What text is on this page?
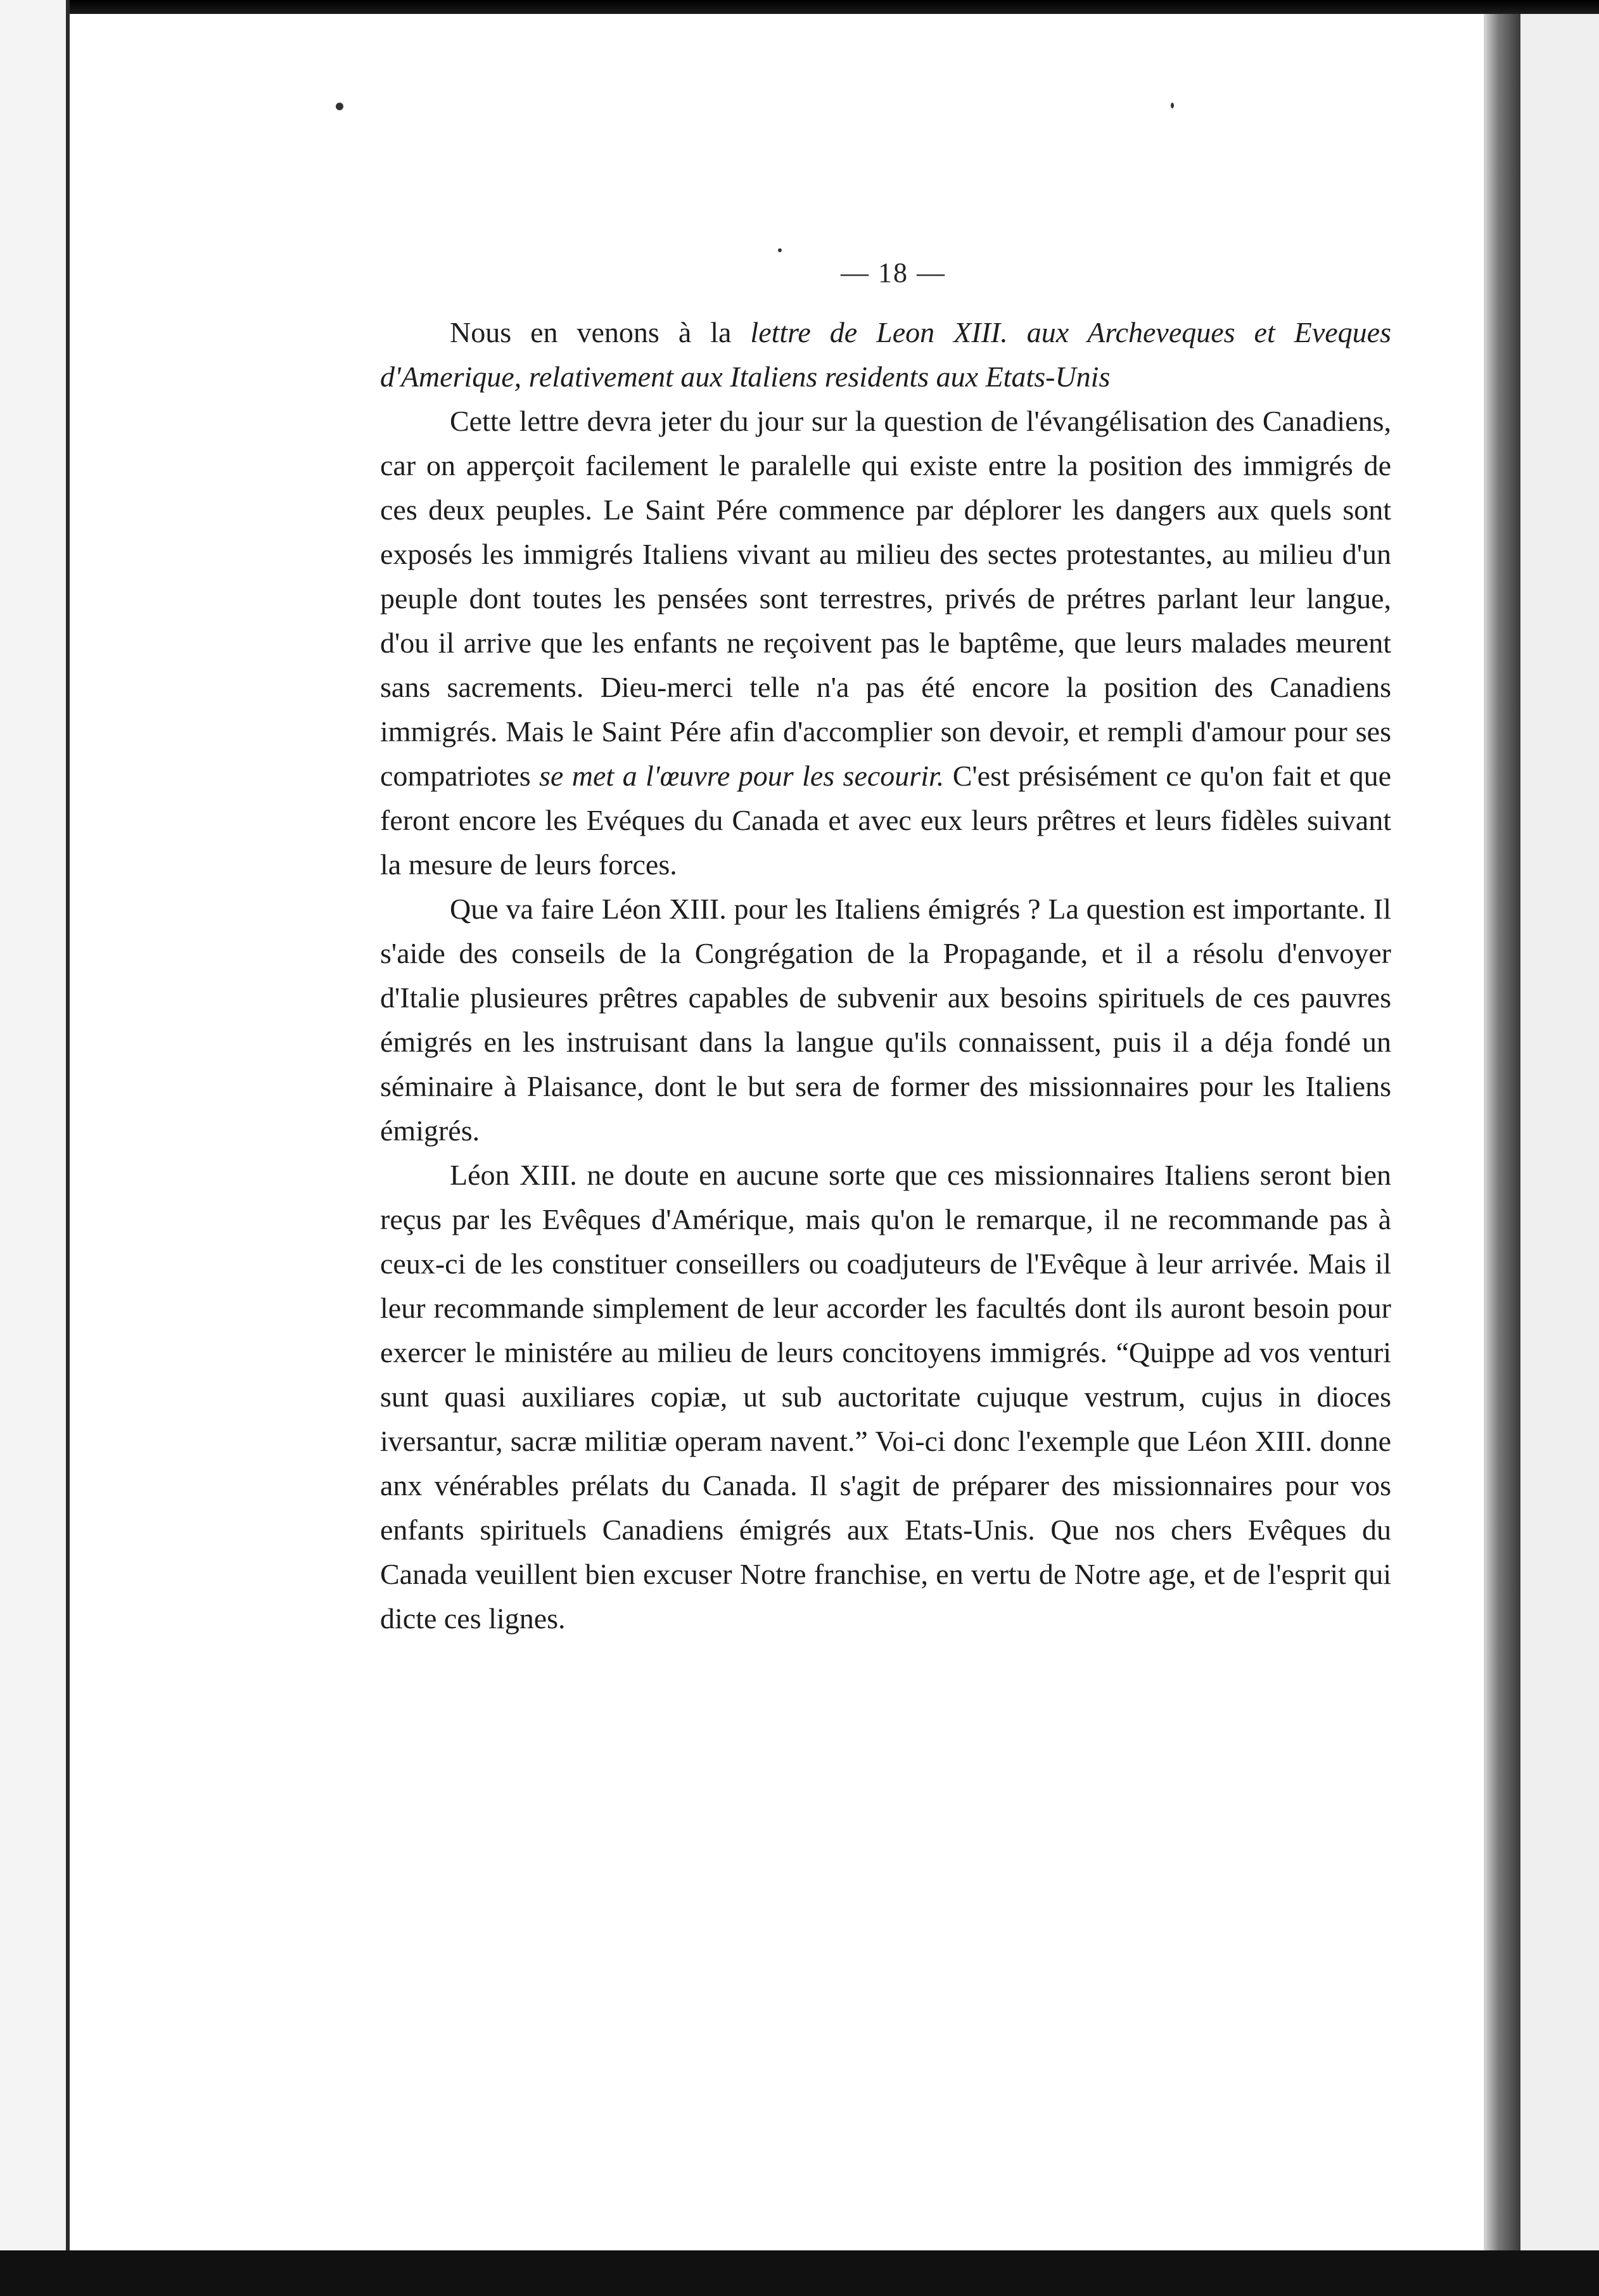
— 18 —

Nous en venons à la lettre de Leon XIII. aux Archeveques et Eveques d'Amerique, relativement aux Italiens residents aux Etats-Unis

Cette lettre devra jeter du jour sur la question de l'évangélisation des Canadiens, car on apperçoit facilement le paralelle qui existe entre la position des immigrés de ces deux peuples. Le Saint Pére commence par déplorer les dangers aux quels sont exposés les immigrés Italiens vivant au milieu des sectes protestantes, au milieu d'un peuple dont toutes les pensées sont terrestres, privés de prétres parlant leur langue, d'ou il arrive que les enfants ne reçoivent pas le baptême, que leurs malades meurent sans sacrements. Dieu-merci telle n'a pas été encore la position des Canadiens immigrés. Mais le Saint Pére afin d'accomplier son devoir, et rempli d'amour pour ses compatriotes se met a l'œuvre pour les secourir. C'est présisément ce qu'on fait et que feront encore les Evéques du Canada et avec eux leurs prêtres et leurs fidèles suivant la mesure de leurs forces.

Que va faire Léon XIII. pour les Italiens émigrés ? La question est importante. Il s'aide des conseils de la Congrégation de la Propagande, et il a résolu d'envoyer d'Italie plusieures prêtres capables de subvenir aux besoins spirituels de ces pauvres émigrés en les instruisant dans la langue qu'ils connaissent, puis il a déja fondé un séminaire à Plaisance, dont le but sera de former des missionnaires pour les Italiens émigrés.

Léon XIII. ne doute en aucune sorte que ces missionnaires Italiens seront bien reçus par les Evêques d'Amérique, mais qu'on le remarque, il ne recommande pas à ceux-ci de les constituer conseillers ou coadjuteurs de l'Evêque à leur arrivée. Mais il leur recommande simplement de leur accorder les facultés dont ils auront besoin pour exercer le ministére au milieu de leurs concitoyens immigrés. “Quippe ad vos venturi sunt quasi auxiliares copiæ, ut sub auctoritate cujuque vestrum, cujus in dioces iversantur, sacræ militiæ operam navent.” Voi-ci donc l'exemple que Léon XIII. donne anx vénérables prélats du Canada. Il s'agit de préparer des missionnaires pour vos enfants spirituels Canadiens émigrés aux Etats-Unis. Que nos chers Evêques du Canada veuillent bien excuser Notre franchise, en vertu de Notre age, et de l'esprit qui dicte ces lignes.
